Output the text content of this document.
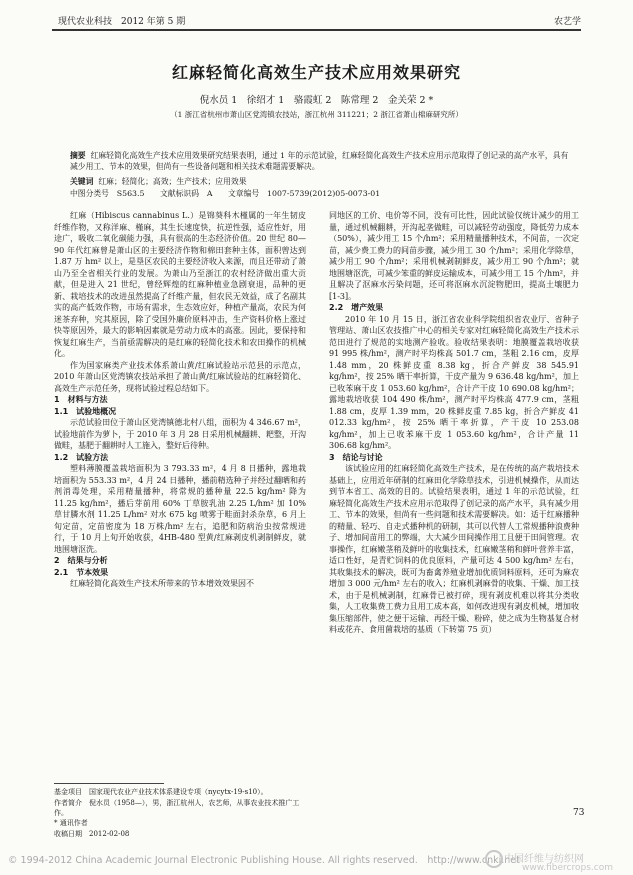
现代农业科技　2012 年第 5 期	农艺学
红麻轻简化高效生产技术应用效果研究
倪水员 1　徐绍才 1　骆霞虹 2　陈常理 2　金关荣 2 *
（1 浙江省杭州市萧山区党湾镇农技站，浙江杭州 311221；2 浙江省萧山棉麻研究所）
摘要 红麻轻简化高效生产技术应用效果研究结果表明，通过 1 年的示范试验，红麻轻简化高效生产技术应用示范取得了创记录的高产水平，具有减少用工、节本的效果，但尚有一些设备问题和相关技术难题需要解决。
关键词 红麻；轻简化；高效；生产技术；应用效果
中图分类号　S563.5　　文献标识码　A　　文章编号　1007-5739(2012)05-0073-01

红麻（Hibiscus cannabinus L.）是锦葵科木槿属的一年生韧皮纤维作物，又称洋麻、槿麻，其生长速度快，抗逆性强，适应性好，用途广，吸收二氧化碳能力强，具有很高的生态经济价值。20 世纪 80—90 年代红麻曾是萧山区的主要经济作物和棉田套种主体，面积曾达到 1.87 万 hm² 以上，是垦区农民的主要经济收入来源，而且还带动了萧山乃至全省相关行业的发展。为萧山乃至浙江的农村经济做出重大贡献，但是进入 21 世纪，曾经辉煌的红麻种植业急剧衰退，品种的更新、栽培技术的改进虽然提高了纤维产量，但农民无效益，成了名副其实的高产低效作物，市场有需求，生态效应好，种植产量高，农民为何迷茶弃种，究其原因，除了受国外廉价原料冲击，生产资料价格上涨过快等原因外，最大的影响因素就是劳动力成本的高涨。因此，要保持和恢复红麻生产，当前亟需解决的是红麻的轻简化技术和农田操作的机械化。

作为国家麻类产业技术体系萧山黄/红麻试验站示范县的示范点，2010 年萧山区党湾镇农技站承担了萧山黄/红麻试验站的红麻轻简化、高效生产示范任务，现将试验过程总结如下。

1　材料与方法

1.1　试验地概况

示范试验田位于萧山区党湾镇德北村八组，面积为 4 346.67 m²，试验地前作为萝卜，于 2010 年 3 月 28 日采用机械翻耕、耙整，开沟做畦，基肥于翻耕时人工施入，整好后待种。

1.2　试验方法

塑料薄膜覆盖栽培面积为 3 793.33 m²，4 月 8 日播种，露地栽培面积为 553.33 m²，4 月 24 日播种，播前精选种子并经过翻晒和药剂消毒处理，采用精量播种，将常规的播种量 22.5 kg/hm² 降为 11.25 kg/hm²，播后芽前用 60% 丁草胺乳油 2.25 L/hm² 加 10% 草甘膦水剂 11.25 L/hm² 对水 675 kg 喷雾于畦面封杀杂草，6 月上旬定苗，定苗密度为 18 万株/hm² 左右，追肥和防病治虫按常规进行，于 10 月上旬开始收获，4HB-480 型黄/红麻剥皮机剥制鲜皮，就地围塘沤洗。

2　结果与分析

2.1　节本效果

红麻轻简化高效生产技术所带来的节本增效效果因不

同地区的工价、电价等不同，没有可比性，因此试验仅统计减少的用工量，通过机械翻耕，开沟起垄做畦，可以减轻劳动强度，降低劳力成本（50%），减少用工 15 个/hm²；采用精量播种技术，不间苗，一次定苗，减少费工费力的间苗步骤，减少用工 30 个/hm²；采用化学除草，减少用工 90 个/hm²；采用机械剥制鲜皮，减少用工 90 个/hm²；就地围塘沤洗，可减少笨重的鲜皮运输成本，可减少用工 15 个/hm²，并且解决了沤麻水污染问题，还可将沤麻水沉淀物肥田，提高土壤肥力[1-3]。

2.2　增产效果

2010 年 10 月 15 日，浙江省农业科学院组织省农业厅、省种子管理站、萧山区农技推广中心的相关专家对红麻轻简化高效生产技术示范田进行了规范的实地测产验收。验收结果表明：地膜覆盖栽培收获 91 995 株/hm²，测产时平均株高 501.7 cm，茎粗 2.16 cm，皮厚 1.48 mm，20 株鲜皮重 8.38 kg，折合产鲜皮 38 545.91 kg/hm²，按 25% 晒干率折算，干皮产量为 9 636.48 kg/hm²，加上已收苯麻干皮 1 053.60 kg/hm²，合计产干皮 10 690.08 kg/hm²；露地栽培收获 104 490 株/hm²，测产时平均株高 477.9 cm，茎粗 1.88 cm，皮厚 1.39 mm，20 株鲜皮重 7.85 kg，折合产鲜皮 41 012.33 kg/hm²，按 25% 晒干率折算，产干皮 10 253.08 kg/hm²，加上已收苯麻干皮 1 053.60 kg/hm²，合计产量 11 306.68 kg/hm²。

3　结论与讨论

该试验应用的红麻轻简化高效生产技术，是在传统的高产栽培技术基础上，应用近年研制的红麻田化学除草技术，引进机械操作，从而达到节本省工、高效的目的。试验结果表明，通过 1 年的示范试验，红麻轻简化高效生产技术应用示范取得了创记录的高产水平，具有减少用工、节本的效果，但尚有一些问题和技术需要解决。如：适于红麻播种的精量、轻巧、自走式播种机的研制，其可以代替人工常规播种浪费种子、增加间苗用工的弊端，大大减少田间操作用工且便于田间管理。农事操作，红麻嫩茎稍及鲜叶的收集技术，红麻嫩茎稍和鲜叶营养丰富，适口性好，是青贮饲料的优良原料，产量可达 4 500 kg/hm² 左右，其收集技术的解决，既可为畜禽养殖业增加优质饲料原料，还可为麻农增加 3 000 元/hm² 左右的收入；红麻机剥麻骨的收集、干燥、加工技术，由于是机械剥制，红麻骨已被打碎，现有剥皮机难以将其分类收集，人工收集费工费力且用工成本高，如何改进现有剥皮机械，增加收集压缩部件，使之便于运输、再经干燥、粉碎，使之成为生物基复合材料或花卉、食用菌栽培的基质（下转第 75 页）

基金项目　国家现代农业产业技术体系建设专项（nycytx-19-s10）。
作者简介　倪水员（1958—），男，浙江杭州人，农艺师，从事农业技术推广工作。
* 通讯作者
收稿日期　2012-02-08
73
© 1994-2012 China Academic Journal Electronic Publishing House. All rights reserved.　http://www.cnki.net
中国纤维与纺织网
www.fibercrops.com
